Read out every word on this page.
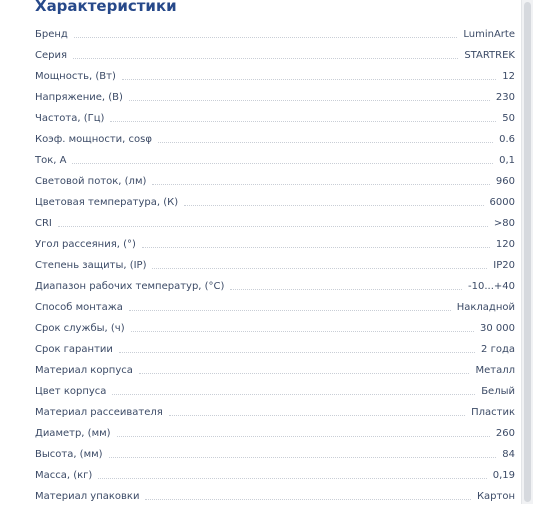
Характеристики
Бренд	LuminArte
Серия	STARTREK
Мощность, (Вт)	12
Напряжение, (В)	230
Частота, (Гц)	50
Коэф. мощности, cosφ	0.6
Ток, А	0,1
Световой поток, (лм)	960
Цветовая температура, (К)	6000
CRI	>80
Угол рассеяния, (°)	120
Степень защиты, (IP)	IP20
Диапазон рабочих температур, (°С)	-10...+40
Способ монтажа	Накладной
Срок службы, (ч)	30 000
Срок гарантии	2 года
Материал корпуса	Металл
Цвет корпуса	Белый
Материал рассеивателя	Пластик
Диаметр, (мм)	260
Высота, (мм)	84
Масса, (кг)	0,19
Материал упаковки	Картон
